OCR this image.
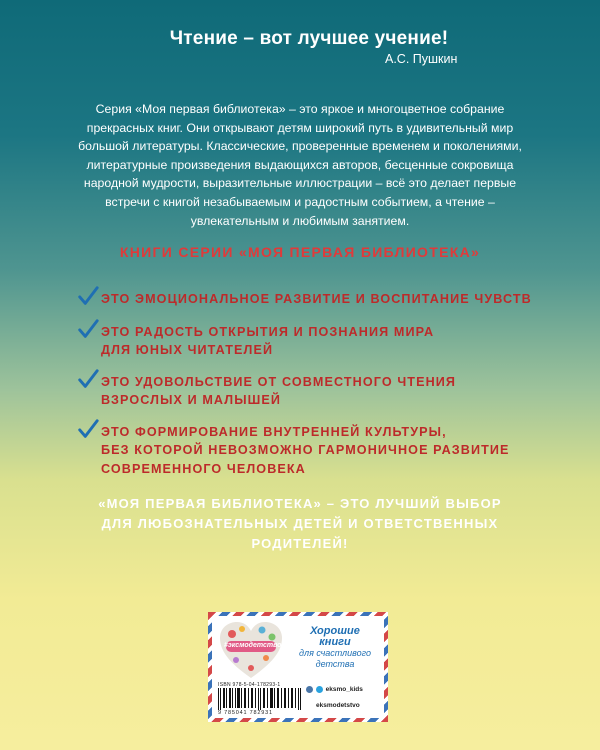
Чтение – вот лучшее учение!
А.С. Пушкин
Серия «Моя первая библиотека» – это яркое и многоцветное собрание прекрасных книг. Они открывают детям широкий путь в удивительный мир большой литературы. Классические, проверенные временем и поколениями, литературные произведения выдающихся авторов, бесценные сокровища народной мудрости, выразительные иллюстрации – всё это делает первые встречи с книгой незабываемым и радостным событием, а чтение – увлекательным и любимым занятием.
КНИГИ СЕРИИ «МОЯ ПЕРВАЯ БИБЛИОТЕКА»
ЭТО ЭМОЦИОНАЛЬНОЕ РАЗВИТИЕ И ВОСПИТАНИЕ ЧУВСТВ
ЭТО РАДОСТЬ ОТКРЫТИЯ И ПОЗНАНИЯ МИРА
ДЛЯ ЮНЫХ ЧИТАТЕЛЕЙ
ЭТО УДОВОЛЬСТВИЕ ОТ СОВМЕСТНОГО ЧТЕНИЯ
ВЗРОСЛЫХ И МАЛЫШЕЙ
ЭТО ФОРМИРОВАНИЕ ВНУТРЕННЕЙ КУЛЬТУРЫ,
БЕЗ КОТОРОЙ НЕВОЗМОЖНО ГАРМОНИЧНОЕ РАЗВИТИЕ
СОВРЕМЕННОГО ЧЕЛОВЕКА
«МОЯ ПЕРВАЯ БИБЛИОТЕКА» – ЭТО ЛУЧШИЙ ВЫБОР
ДЛЯ ЛЮБОЗНАТЕЛЬНЫХ ДЕТЕЙ И ОТВЕТСТВЕННЫХ
РОДИТЕЛЕЙ!
#эксмодетство
Хорошие
книги
для счастливого
детства
ISBN 978-5-04-178293-1
9 785041 782931
eksmo_kids
eksmodetstvo
